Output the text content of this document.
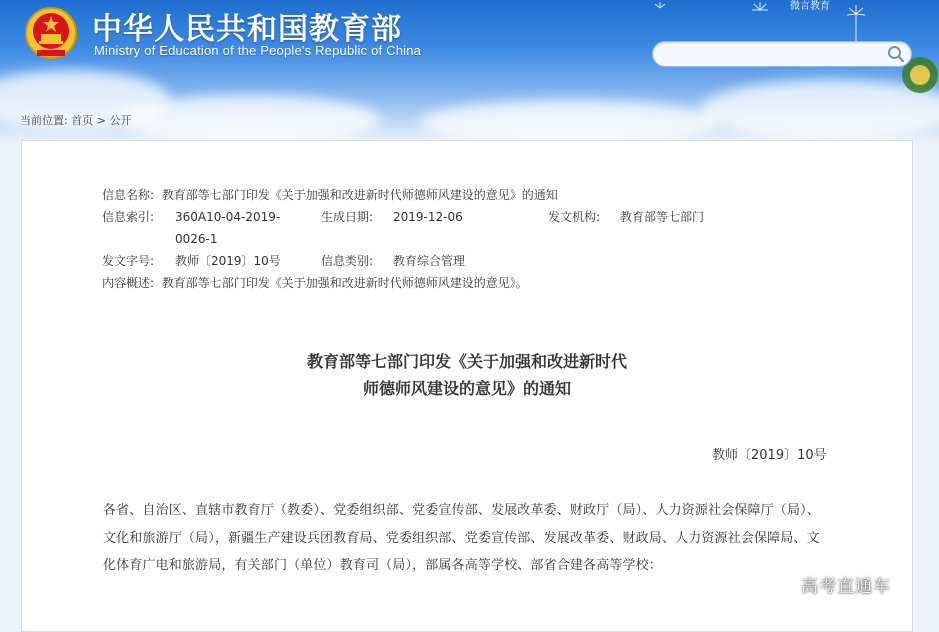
中华人民共和国教育部
Ministry of Education of the People's Republic of China
微言教育
当前位置: 首页 > 公开
信息名称: 教育部等七部门印发《关于加强和改进新时代师德师风建设的意见》的通知
信息索引: 360A10-04-2019-
0026-1
生成日期: 2019-12-06	发文机构: 教育部等七部门
发文字号: 教师〔2019〕10号	信息类别: 教育综合管理
内容概述: 教育部等七部门印发《关于加强和改进新时代师德师风建设的意见》。
教育部等七部门印发《关于加强和改进新时代
师德师风建设的意见》的通知
教师〔2019〕10号
各省、自治区、直辖市教育厅（教委）、党委组织部、党委宣传部、发展改革委、财政厅（局）、人力资源社会保障厅（局）、文化和旅游厅（局），新疆生产建设兵团教育局、党委组织部、党委宣传部、发展改革委、财政局、人力资源社会保障局、文化体育广电和旅游局，有关部门（单位）教育司（局），部属各高等学校、部省合建各高等学校：
高考直通车
